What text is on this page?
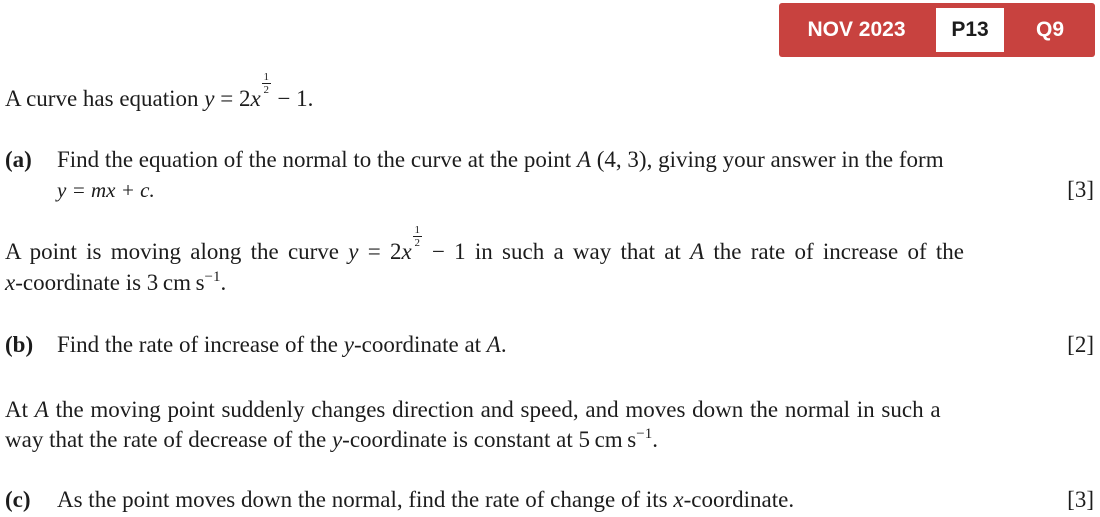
NOV 2023	P13	Q9
A curve has equation y = 2x
1
2 − 1.
(a) Find the equation of the normal to the curve at the point A (4, 3), giving your answer in the form
y = mx + c.	[3]
A point is moving along the curve y = 2x
1
2 − 1 in such a way that at A the rate of increase of the
x-coordinate is 3 cm $s^{-1}$.
(b) Find the rate of increase of the y-coordinate at A.	[2]
At A the moving point suddenly changes direction and speed, and moves down the normal in such a
way that the rate of decrease of the y-coordinate is constant at 5 cm $s^{-1}$.
(c) As the point moves down the normal, find the rate of change of its x-coordinate.	[3]
